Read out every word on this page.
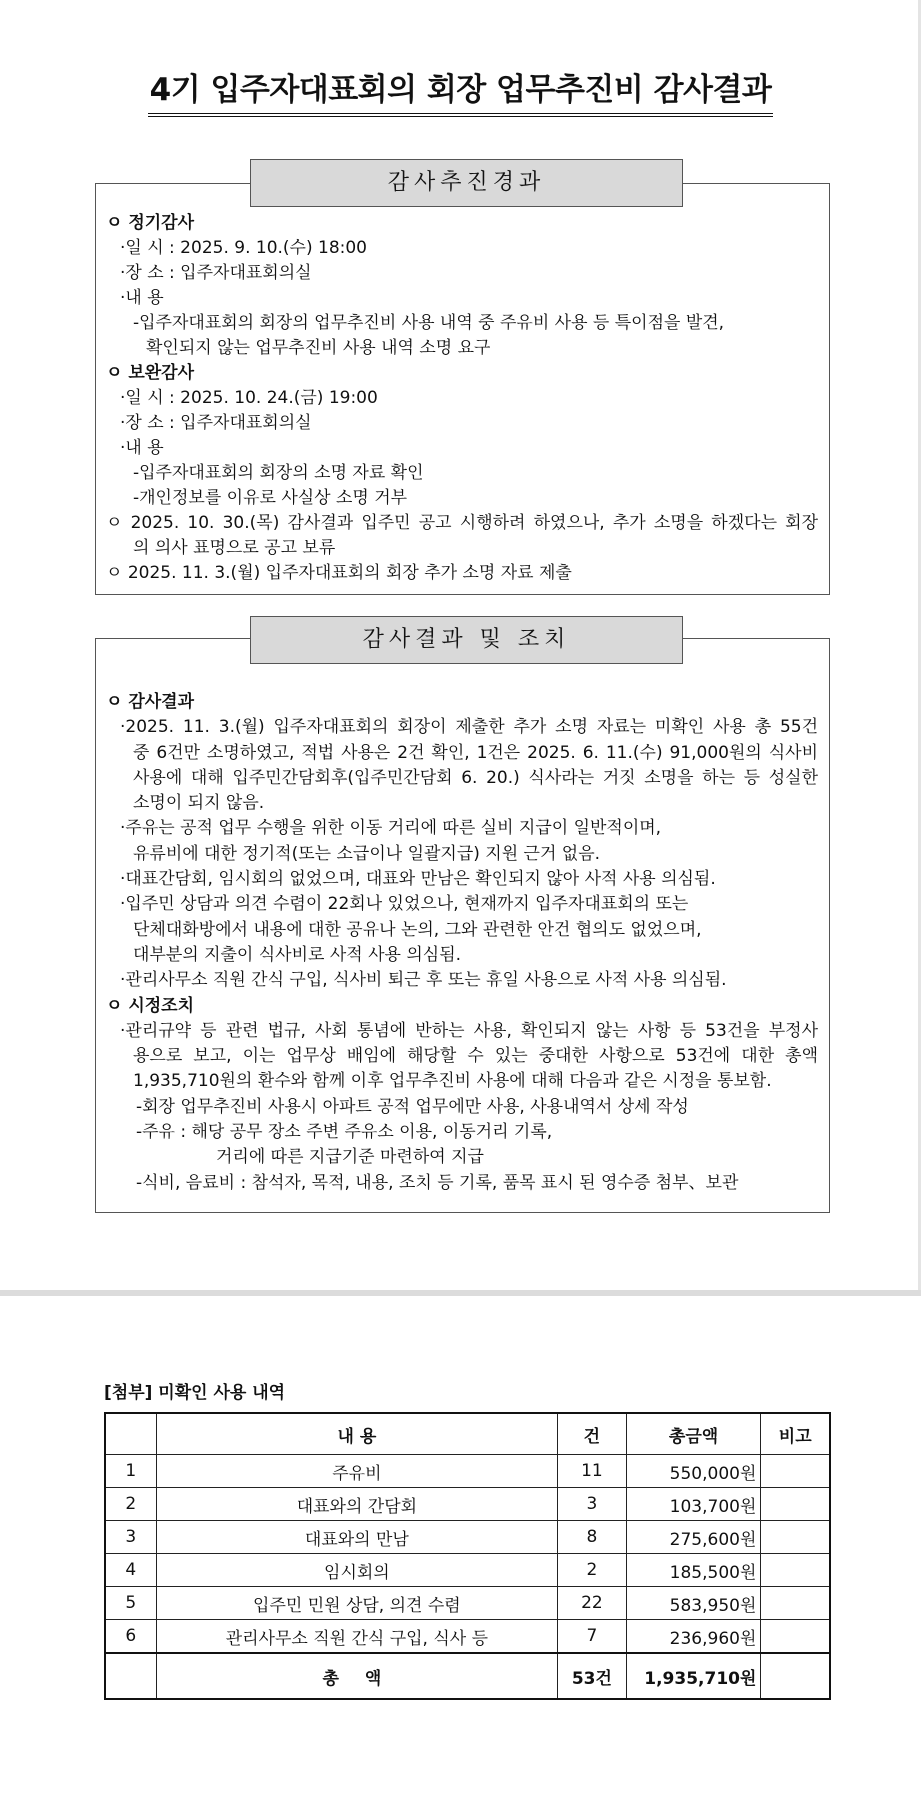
4기 입주자대표회의 회장 업무추진비 감사결과
감사추진경과
ㅇ 정기감사
·일 시 : 2025. 9. 10.(수) 18:00
·장 소 : 입주자대표회의실
·내 용
-입주자대표회의 회장의 업무추진비 사용 내역 중 주유비 사용 등 특이점을 발견,
확인되지 않는 업무추진비 사용 내역 소명 요구
ㅇ 보완감사
·일 시 : 2025. 10. 24.(금) 19:00
·장 소 : 입주자대표회의실
·내 용
-입주자대표회의 회장의 소명 자료 확인
-개인정보를 이유로 사실상 소명 거부
ㅇ 2025. 10. 30.(목) 감사결과 입주민 공고 시행하려 하였으나, 추가 소명을 하겠다는 회장
의 의사 표명으로 공고 보류
ㅇ 2025. 11. 3.(월) 입주자대표회의 회장 추가 소명 자료 제출
감사결과 및 조치
ㅇ 감사결과
·2025. 11. 3.(월) 입주자대표회의 회장이 제출한 추가 소명 자료는 미확인 사용 총 55건
중 6건만 소명하였고, 적법 사용은 2건 확인, 1건은 2025. 6. 11.(수) 91,000원의 식사비
사용에 대해 입주민간담회후(입주민간담회 6. 20.) 식사라는 거짓 소명을 하는 등 성실한
소명이 되지 않음.
·주유는 공적 업무 수행을 위한 이동 거리에 따른 실비 지급이 일반적이며,
유류비에 대한 정기적(또는 소급이나 일괄지급) 지원 근거 없음.
·대표간담회, 임시회의 없었으며, 대표와 만남은 확인되지 않아 사적 사용 의심됨.
·입주민 상담과 의견 수렴이 22회나 있었으나, 현재까지 입주자대표회의 또는
단체대화방에서 내용에 대한 공유나 논의, 그와 관련한 안건 협의도 없었으며,
대부분의 지출이 식사비로 사적 사용 의심됨.
·관리사무소 직원 간식 구입, 식사비 퇴근 후 또는 휴일 사용으로 사적 사용 의심됨.
ㅇ 시정조치
·관리규약 등 관련 법규, 사회 통념에 반하는 사용, 확인되지 않는 사항 등 53건을 부정사
용으로 보고, 이는 업무상 배임에 해당할 수 있는 중대한 사항으로 53건에 대한 총액
1,935,710원의 환수와 함께 이후 업무추진비 사용에 대해 다음과 같은 시정을 통보함.
-회장 업무추진비 사용시 아파트 공적 업무에만 사용, 사용내역서 상세 작성
-주유 : 해당 공무 장소 주변 주유소 이용, 이동거리 기록,
거리에 따른 지급기준 마련하여 지급
-식비, 음료비 : 참석자, 목적, 내용, 조치 등 기록, 품목 표시 된 영수증 첨부、보관
[첨부] 미확인 사용 내역
	내 용	건	총금액	비고
1	주유비	11	550,000원	
2	대표와의 간담회	3	103,700원	
3	대표와의 만남	8	275,600원	
4	임시회의	2	185,500원	
5	입주민 민원 상담, 의견 수렴	22	583,950원	
6	관리사무소 직원 간식 구입, 식사 등	7	236,960원	
	총 액	53건	1,935,710원	
